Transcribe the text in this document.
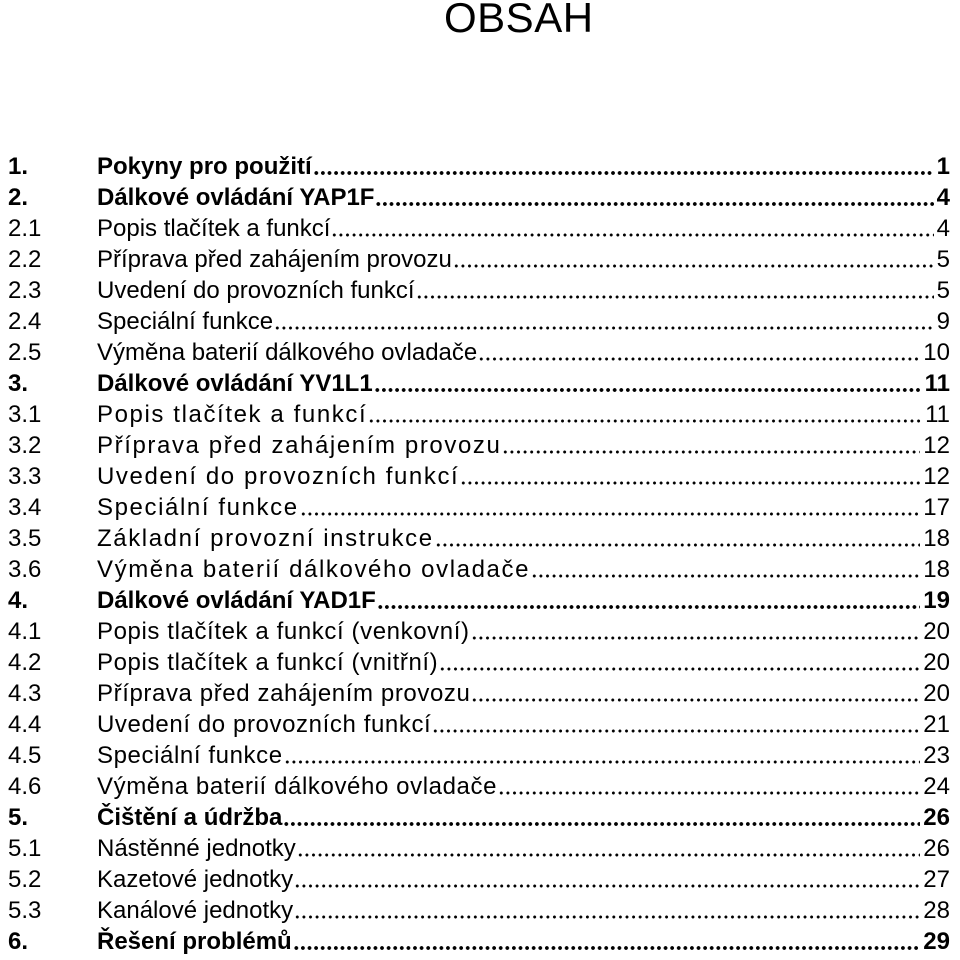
OBSAH
1.	Pokyny pro použití	1
2.	Dálkové ovládání YAP1F	4
2.1	Popis tlačítek a funkcí	4
2.2	Příprava před zahájením provozu	5
2.3	Uvedení do provozních funkcí	5
2.4	Speciální funkce	9
2.5	Výměna baterií dálkového ovladače	10
3.	Dálkové ovládání YV1L1	11
3.1	Popis tlačítek a funkcí	11
3.2	Příprava před zahájením provozu	12
3.3	Uvedení do provozních funkcí	12
3.4	Speciální funkce	17
3.5	Základní provozní instrukce	18
3.6	Výměna baterií dálkového ovladače	18
4.	Dálkové ovládání YAD1F	19
4.1	Popis tlačítek a funkcí (venkovní)	20
4.2	Popis tlačítek a funkcí (vnitřní)	20
4.3	Příprava před zahájením provozu	20
4.4	Uvedení do provozních funkcí	21
4.5	Speciální funkce	23
4.6	Výměna baterií dálkového ovladače	24
5.	Čištění a údržba	26
5.1	Nástěnné jednotky	26
5.2	Kazetové jednotky	27
5.3	Kanálové jednotky	28
6.	Řešení problémů	29
